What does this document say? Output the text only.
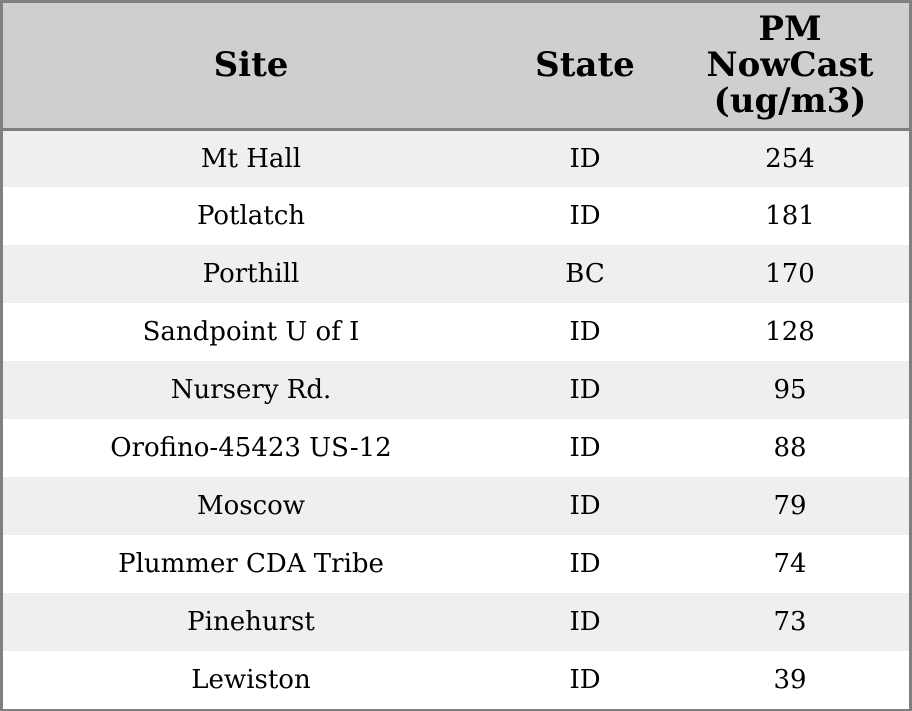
Site	State	PM
NowCast
(ug/m3)
Mt Hall	ID	254
Potlatch	ID	181
Porthill	BC	170
Sandpoint U of I	ID	128
Nursery Rd.	ID	95
Orofino-45423 US-12	ID	88
Moscow	ID	79
Plummer CDA Tribe	ID	74
Pinehurst	ID	73
Lewiston	ID	39
